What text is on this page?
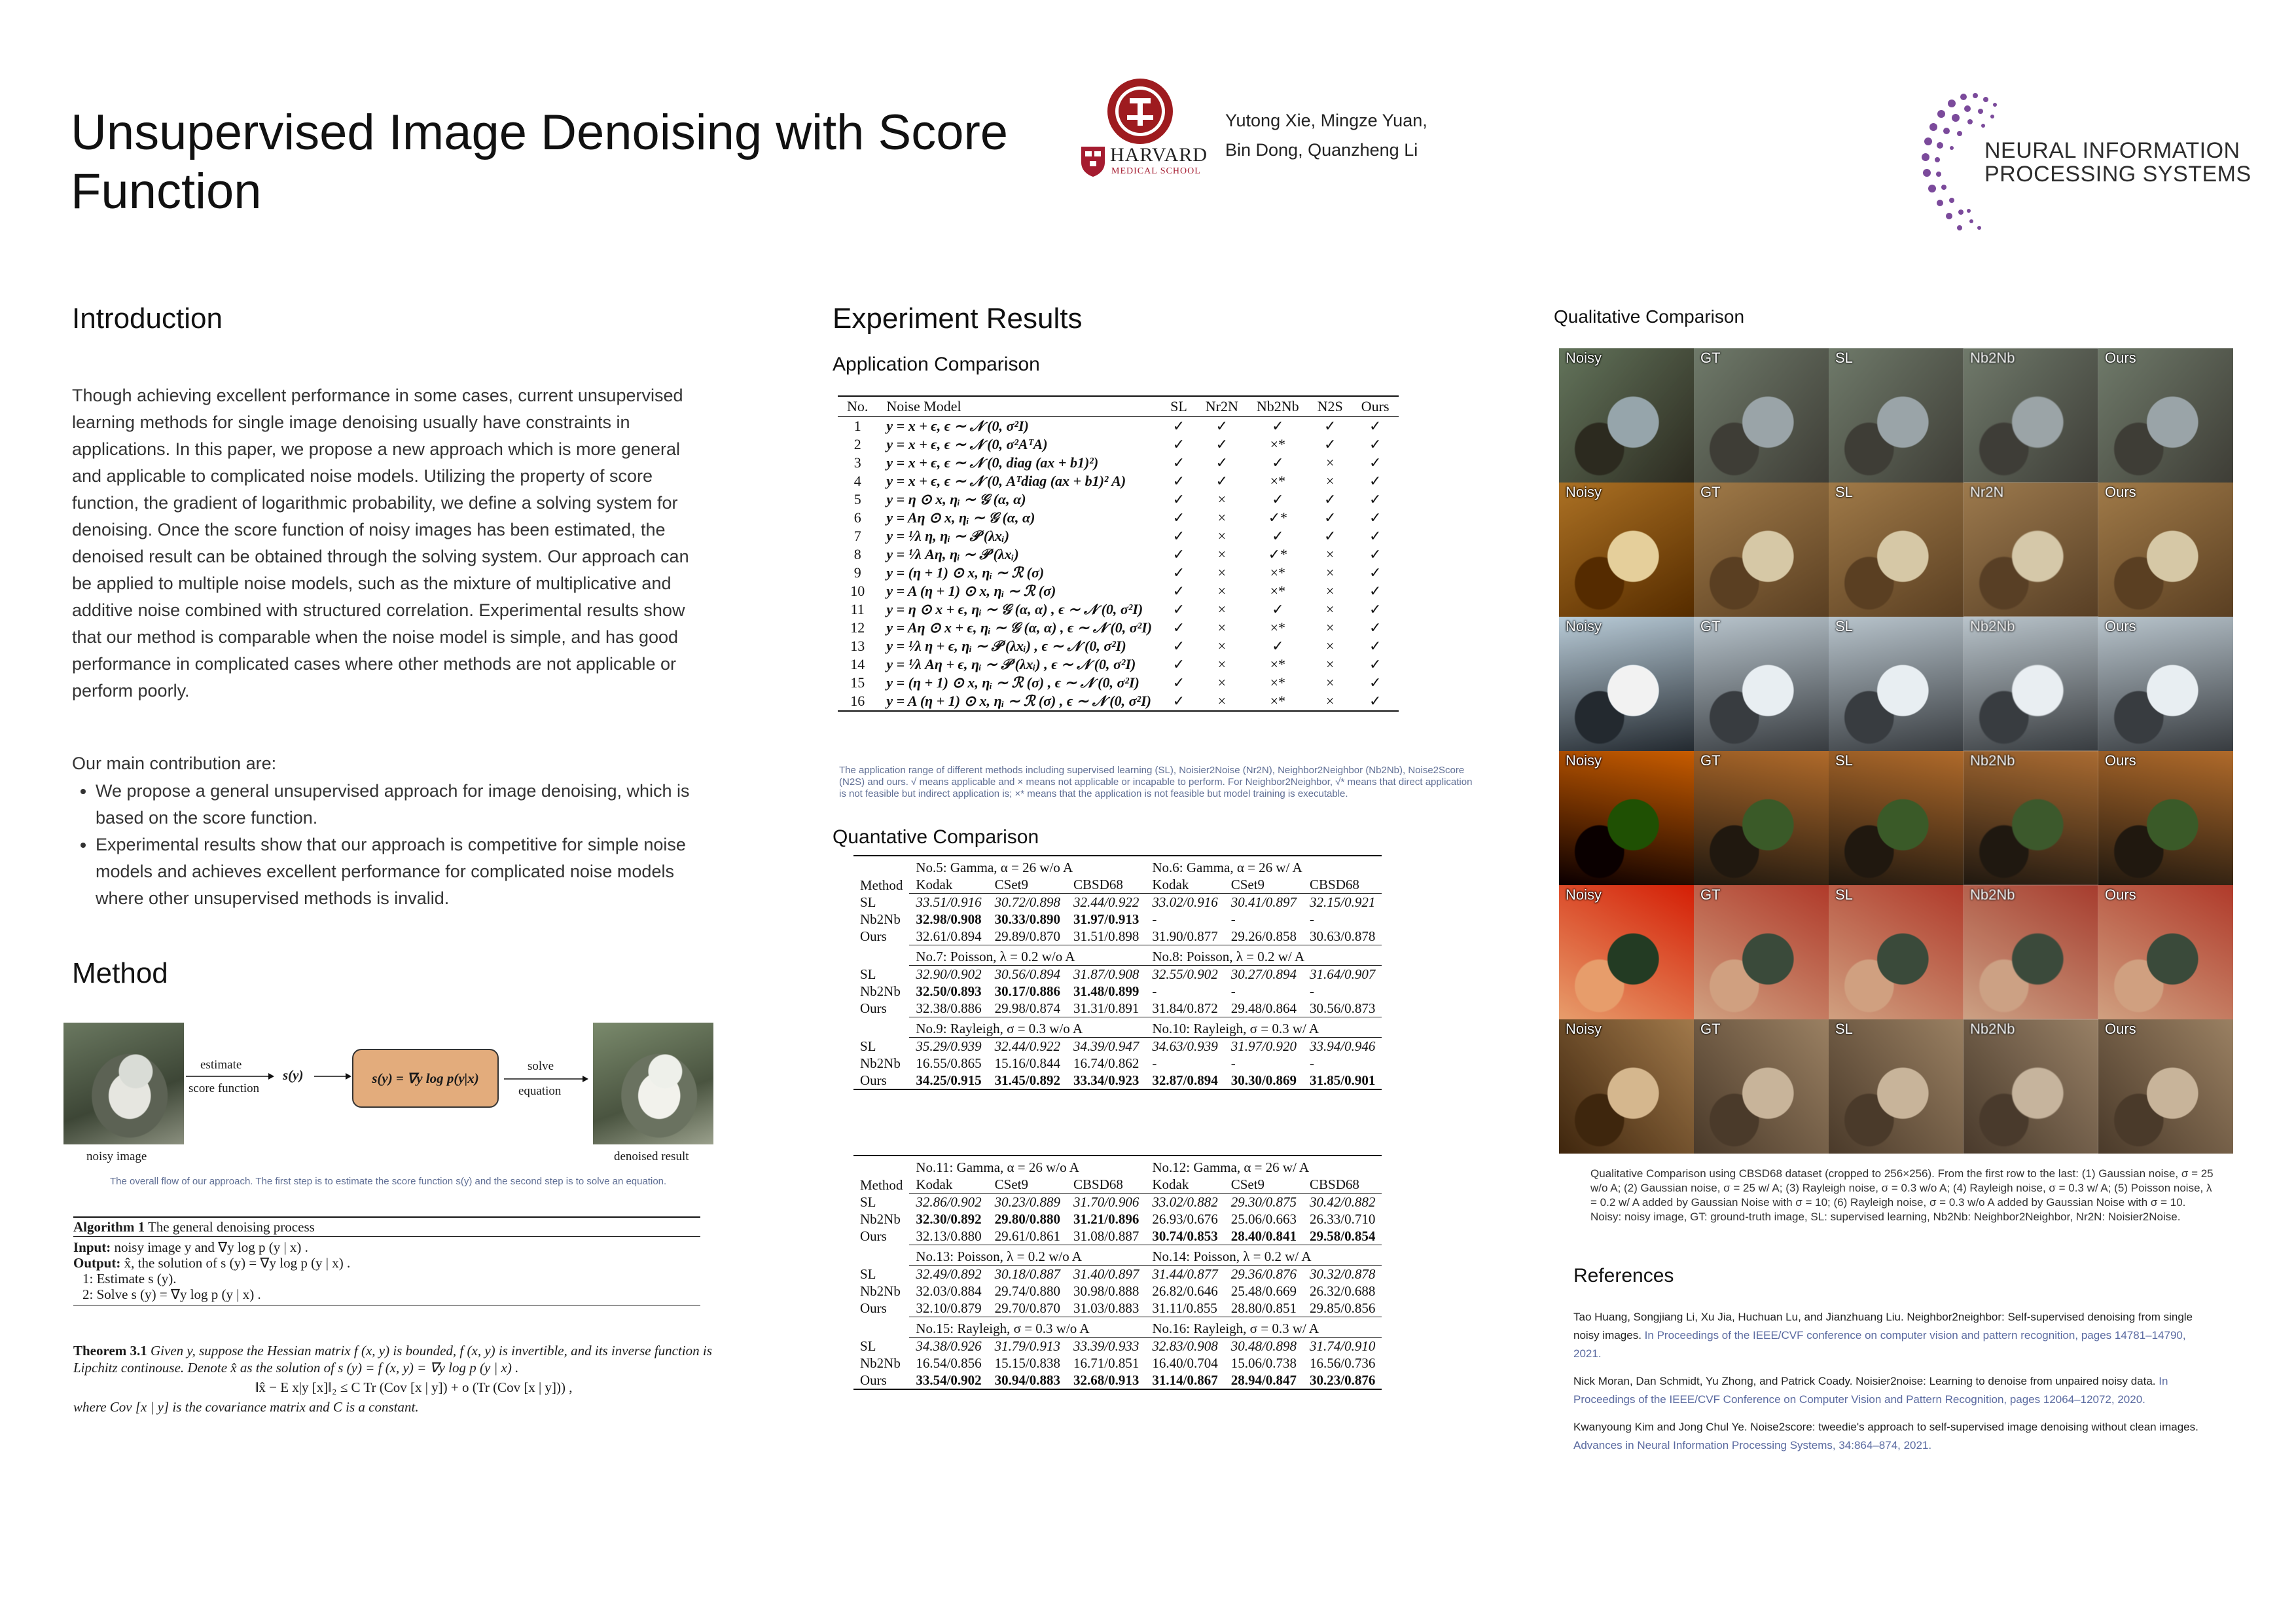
Unsupervised Image Denoising with Score Function
HARVARD
MEDICAL SCHOOL
Yutong Xie, Mingze Yuan,
Bin Dong, Quanzheng Li	NEURAL INFORMATION
PROCESSING SYSTEMS
Introduction
Though achieving excellent performance in some cases, current unsupervised learning methods for single image denoising usually have constraints in applications. In this paper, we propose a new approach which is more general and applicable to complicated noise models. Utilizing the property of score function, the gradient of logarithmic probability, we define a solving system for denoising. Once the score function of noisy images has been estimated, the denoised result can be obtained through the solving system. Our approach can be applied to multiple noise models, such as the mixture of multiplicative and additive noise combined with structured correlation. Experimental results show that our method is comparable when the noise model is simple, and has good performance in complicated cases where other methods are not applicable or perform poorly.
Our main contribution are:
• We propose a general unsupervised approach for image denoising, which is based on the score function.
• Experimental results show that our approach is competitive for simple noise models and achieves excellent performance for complicated noise models where other unsupervised methods is invalid.
Method
noisy image
estimate
score function
s(y)	s(y) = ∇y log p(y|x)
solve
equation
denoised result
The overall flow of our approach. The first step is to estimate the score function s(y) and the second step is to solve an equation.
Algorithm 1 The general denoising process
Input: noisy image y and ∇y log p (y | x) .
Output: x̂, the solution of s (y) = ∇y log p (y | x) .
1: Estimate s (y).
2: Solve s (y) = ∇y log p (y | x) .
Theorem 3.1 Given y, suppose the Hessian matrix f (x, y) is bounded, f (x, y) is invertible, and its inverse function is Lipchitz continouse. Denote x̂ as the solution of s (y) = f (x, y) = ∇y log p (y | x) .
‖x̂ − E x|y [x]‖₂ ≤ C Tr (Cov [x | y]) + o (Tr (Cov [x | y])) ,
where Cov [x | y] is the covariance matrix and C is a constant.
Experiment Results
Application Comparison
No.	Noise Model	SL	Nr2N	Nb2Nb	N2S	Ours
1	y = x + ϵ, ϵ ∼ 𝒩 (0, σ²I)	✓	✓	✓	✓	✓
2	y = x + ϵ, ϵ ∼ 𝒩 (0, σ²AᵀA)	✓	✓	×*	✓	✓
3	y = x + ϵ, ϵ ∼ 𝒩 (0, diag (ax + b1)²)	✓	✓	✓	×	✓
4	y = x + ϵ, ϵ ∼ 𝒩 (0, Aᵀdiag (ax + b1)² A)	✓	✓	×*	×	✓
5	y = η ⊙ x, ηᵢ ∼ 𝒢 (α, α)	✓	×	✓	✓	✓
6	y = Aη ⊙ x, ηᵢ ∼ 𝒢 (α, α)	✓	×	✓*	✓	✓
7	y = ¹⁄λ η, ηᵢ ∼ 𝒫 (λxᵢ)	✓	×	✓	✓	✓
8	y = ¹⁄λ Aη, ηᵢ ∼ 𝒫 (λxᵢ)	✓	×	✓*	×	✓
9	y = (η + 1) ⊙ x, ηᵢ ∼ ℛ (σ)	✓	×	×*	×	✓
10	y = A (η + 1) ⊙ x, ηᵢ ∼ ℛ (σ)	✓	×	×*	×	✓
11	y = η ⊙ x + ϵ, ηᵢ ∼ 𝒢 (α, α) , ϵ ∼ 𝒩 (0, σ²I)	✓	×	✓	×	✓
12	y = Aη ⊙ x + ϵ, ηᵢ ∼ 𝒢 (α, α) , ϵ ∼ 𝒩 (0, σ²I)	✓	×	×*	×	✓
13	y = ¹⁄λ η + ϵ, ηᵢ ∼ 𝒫 (λxᵢ) , ϵ ∼ 𝒩 (0, σ²I)	✓	×	✓	×	✓
14	y = ¹⁄λ Aη + ϵ, ηᵢ ∼ 𝒫 (λxᵢ) , ϵ ∼ 𝒩 (0, σ²I)	✓	×	×*	×	✓
15	y = (η + 1) ⊙ x, ηᵢ ∼ ℛ (σ) , ϵ ∼ 𝒩 (0, σ²I)	✓	×	×*	×	✓
16	y = A (η + 1) ⊙ x, ηᵢ ∼ ℛ (σ) , ϵ ∼ 𝒩 (0, σ²I)	✓	×	×*	×	✓
The application range of different methods including supervised learning (SL), Noisier2Noise (Nr2N), Neighbor2Neighbor (Nb2Nb), Noise2Score (N2S) and ours. √ means applicable and × means not applicable or incapable to perform. For Neighbor2Neighbor, √* means that direct application is not feasible but indirect application is; ×* means that the application is not feasible but model training is executable.
Quantative Comparison
Method	No.5: Gamma, α = 26 w/o A			No.6: Gamma, α = 26 w/ A		
	Kodak	CSet9	CBSD68	Kodak	CSet9	CBSD68
SL	33.51/0.916	30.72/0.898	32.44/0.922	33.02/0.916	30.41/0.897	32.15/0.921
Nb2Nb	32.98/0.908	30.33/0.890	31.97/0.913	-	-	-
Ours	32.61/0.894	29.89/0.870	31.51/0.898	31.90/0.877	29.26/0.858	30.63/0.878
	No.7: Poisson, λ = 0.2 w/o A			No.8: Poisson, λ = 0.2 w/ A		

SL	32.90/0.902	30.56/0.894	31.87/0.908	32.55/0.902	30.27/0.894	31.64/0.907
Nb2Nb	32.50/0.893	30.17/0.886	31.48/0.899	-	-	-
Ours	32.38/0.886	29.98/0.874	31.31/0.891	31.84/0.872	29.48/0.864	30.56/0.873
	No.9: Rayleigh, σ = 0.3 w/o A			No.10: Rayleigh, σ = 0.3 w/ A		

SL	35.29/0.939	32.44/0.922	34.39/0.947	34.63/0.939	31.97/0.920	33.94/0.946
Nb2Nb	16.55/0.865	15.16/0.844	16.74/0.862	-	-	-
Ours	34.25/0.915	31.45/0.892	33.34/0.923	32.87/0.894	30.30/0.869	31.85/0.901
Method	No.11: Gamma, α = 26 w/o A			No.12: Gamma, α = 26 w/ A		
	Kodak	CSet9	CBSD68	Kodak	CSet9	CBSD68
SL	32.86/0.902	30.23/0.889	31.70/0.906	33.02/0.882	29.30/0.875	30.42/0.882
Nb2Nb	32.30/0.892	29.80/0.880	31.21/0.896	26.93/0.676	25.06/0.663	26.33/0.710
Ours	32.13/0.880	29.61/0.861	31.08/0.887	30.74/0.853	28.40/0.841	29.58/0.854
	No.13: Poisson, λ = 0.2 w/o A			No.14: Poisson, λ = 0.2 w/ A		

SL	32.49/0.892	30.18/0.887	31.40/0.897	31.44/0.877	29.36/0.876	30.32/0.878
Nb2Nb	32.03/0.884	29.74/0.880	30.98/0.888	26.82/0.646	25.48/0.669	26.32/0.688
Ours	32.10/0.879	29.70/0.870	31.03/0.883	31.11/0.855	28.80/0.851	29.85/0.856
	No.15: Rayleigh, σ = 0.3 w/o A			No.16: Rayleigh, σ = 0.3 w/ A		

SL	34.38/0.926	31.79/0.913	33.39/0.933	32.83/0.908	30.48/0.898	31.74/0.910
Nb2Nb	16.54/0.856	15.15/0.838	16.71/0.851	16.40/0.704	15.06/0.738	16.56/0.736
Ours	33.54/0.902	30.94/0.883	32.68/0.913	31.14/0.867	28.94/0.847	30.23/0.876
Qualitative Comparison
Noisy	GT	SL	Nb2Nb	Ours
Noisy	GT	SL	Nr2N	Ours
Noisy	GT	SL	Nb2Nb	Ours
Noisy	GT	SL	Nb2Nb	Ours
Noisy	GT	SL	Nb2Nb	Ours
Noisy	GT	SL	Nb2Nb	Ours
Qualitative Comparison using CBSD68 dataset (cropped to 256×256). From the first row to the last: (1) Gaussian noise, σ = 25 w/o A; (2) Gaussian noise, σ = 25 w/ A; (3) Rayleigh noise, σ = 0.3 w/o A; (4) Rayleigh noise, σ = 0.3 w/ A; (5) Poisson noise, λ = 0.2 w/ A added by Gaussian Noise with σ = 10; (6) Rayleigh noise, σ = 0.3 w/o A added by Gaussian Noise with σ = 10. Noisy: noisy image, GT: ground-truth image, SL: supervised learning, Nb2Nb: Neighbor2Neighbor, Nr2N: Noisier2Noise.
References
Tao Huang, Songjiang Li, Xu Jia, Huchuan Lu, and Jianzhuang Liu. Neighbor2neighbor: Self-supervised denoising from single noisy images. In Proceedings of the IEEE/CVF conference on computer vision and pattern recognition, pages 14781–14790, 2021.
Nick Moran, Dan Schmidt, Yu Zhong, and Patrick Coady. Noisier2noise: Learning to denoise from unpaired noisy data. In Proceedings of the IEEE/CVF Conference on Computer Vision and Pattern Recognition, pages 12064–12072, 2020.
Kwanyoung Kim and Jong Chul Ye. Noise2score: tweedie's approach to self-supervised image denoising without clean images. Advances in Neural Information Processing Systems, 34:864–874, 2021.
